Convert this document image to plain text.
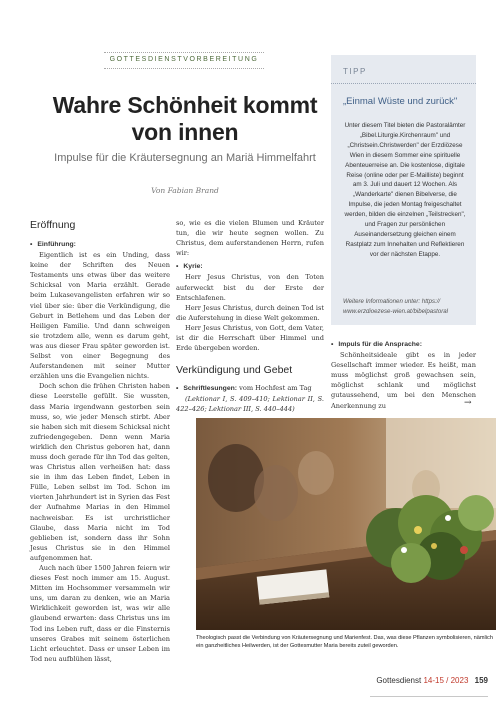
GOTTESDIENSTVORBEREITUNG
Wahre Schönheit kommt von innen
Impulse für die Kräutersegnung an Mariä Himmelfahrt
Von Fabian Brand
Eröffnung
• Einführung:

Eigentlich ist es ein Unding, dass keine der Schriften des Neuen Testaments uns etwas über das weitere Schicksal von Maria erzählt. Gerade beim Lukasevangelisten erfahren wir so viel über sie: über die Verkündigung, die Geburt in Betlehem und das Leben der Heiligen Familie. Und dann schweigen sie trotzdem alle, wenn es darum geht, was aus dieser Frau später geworden ist. Selbst von einer Begegnung des Auferstandenen mit seiner Mutter erzählen uns die Evangelien nichts.

Doch schon die frühen Christen haben diese Leerstelle gefüllt. Sie wussten, dass Maria irgendwann gestorben sein muss, so, wie jeder Mensch stirbt. Aber sie haben sich mit diesem Schicksal nicht zufriedengegeben. Denn wenn Maria wirklich den Christus geboren hat, dann muss doch gerade für ihn Tod das gelten, was Christus allen verheißen hat: dass sie in ihm das Leben findet, Leben in Fülle, Leben selbst im Tod. Schon im vierten Jahrhundert ist in Syrien das Fest der Aufnahme Marias in den Himmel nachweisbar. Es ist urchristlicher Glaube, dass Maria nicht im Tod geblieben ist, sondern dass ihr Sohn Jesus Christus sie in den Himmel aufgenommen hat.

Auch nach über 1500 Jahren feiern wir dieses Fest noch immer am 15. August. Mitten im Hochsommer versammeln wir uns, um daran zu denken, wie an Maria Wirklichkeit geworden ist, was wir alle glaubend erwarten: dass Christus uns im Tod ins Leben ruft, dass er die Finsternis unseres Grabes mit seinem österlichen Licht erleuchtet. Dass er unser Leben im Tod neu aufblühen lässt,

so, wie es die vielen Blumen und Kräuter tun, die wir heute segnen wollen. Zu Christus, dem auferstandenen Herrn, rufen wir:

• Kyrie:

Herr Jesus Christus, von den Toten auferweckt bist du der Erste der Entschlafenen.

Herr Jesus Christus, durch deinen Tod ist die Auferstehung in diese Welt gekommen.

Herr Jesus Christus, von Gott, dem Vater, ist dir die Herrschaft über Himmel und Erde übergeben worden.

Verkündigung und Gebet

• Schriftlesungen: vom Hochfest am Tag

(Lektionar I, S. 409–410; Lektionar II, S. 422–426; Lektionar III, S. 440–444)

TIPP
„Einmal Wüste und zurück"
Unter diesem Titel bieten die Pastoralämter „Bibel.Liturgie.Kirchenraum" und „Christsein.Christwerden" der Erzdiözese Wien in diesem Sommer eine spirituelle Abenteuerreise an. Die kostenlose, digitale Reise (online oder per E-Mailliste) beginnt am 3. Juli und dauert 12 Wochen. Als „Wanderkarte" dienen Bibelverse, die Impulse, die jeden Montag freigeschaltet werden, bilden die einzelnen „Teilstrecken", und Fragen zur persönlichen Auseinandersetzung gleichen einem Rastplatz zum Innehalten und Reflektieren vor der nächsten Etappe.
Weitere Informationen unter: https:// www.erzdioezese-wien.at/bibelpastoral
• Impuls für die Ansprache:

Schönheitsideale gibt es in jeder Gesellschaft immer wieder. Es heißt, man muss möglichst groß gewachsen sein, möglichst schlank und möglichst gutaussehend, um bei den Menschen Anerkennung zu	→
Theologisch passt die Verbindung von Kräutersegnung und Marienfest. Das, was diese Pflanzen symbolisieren, nämlich ein ganzheitliches Heilwerden, ist der Gottesmutter Maria bereits zuteil geworden.
Gottesdienst 14-15 / 2023 159
